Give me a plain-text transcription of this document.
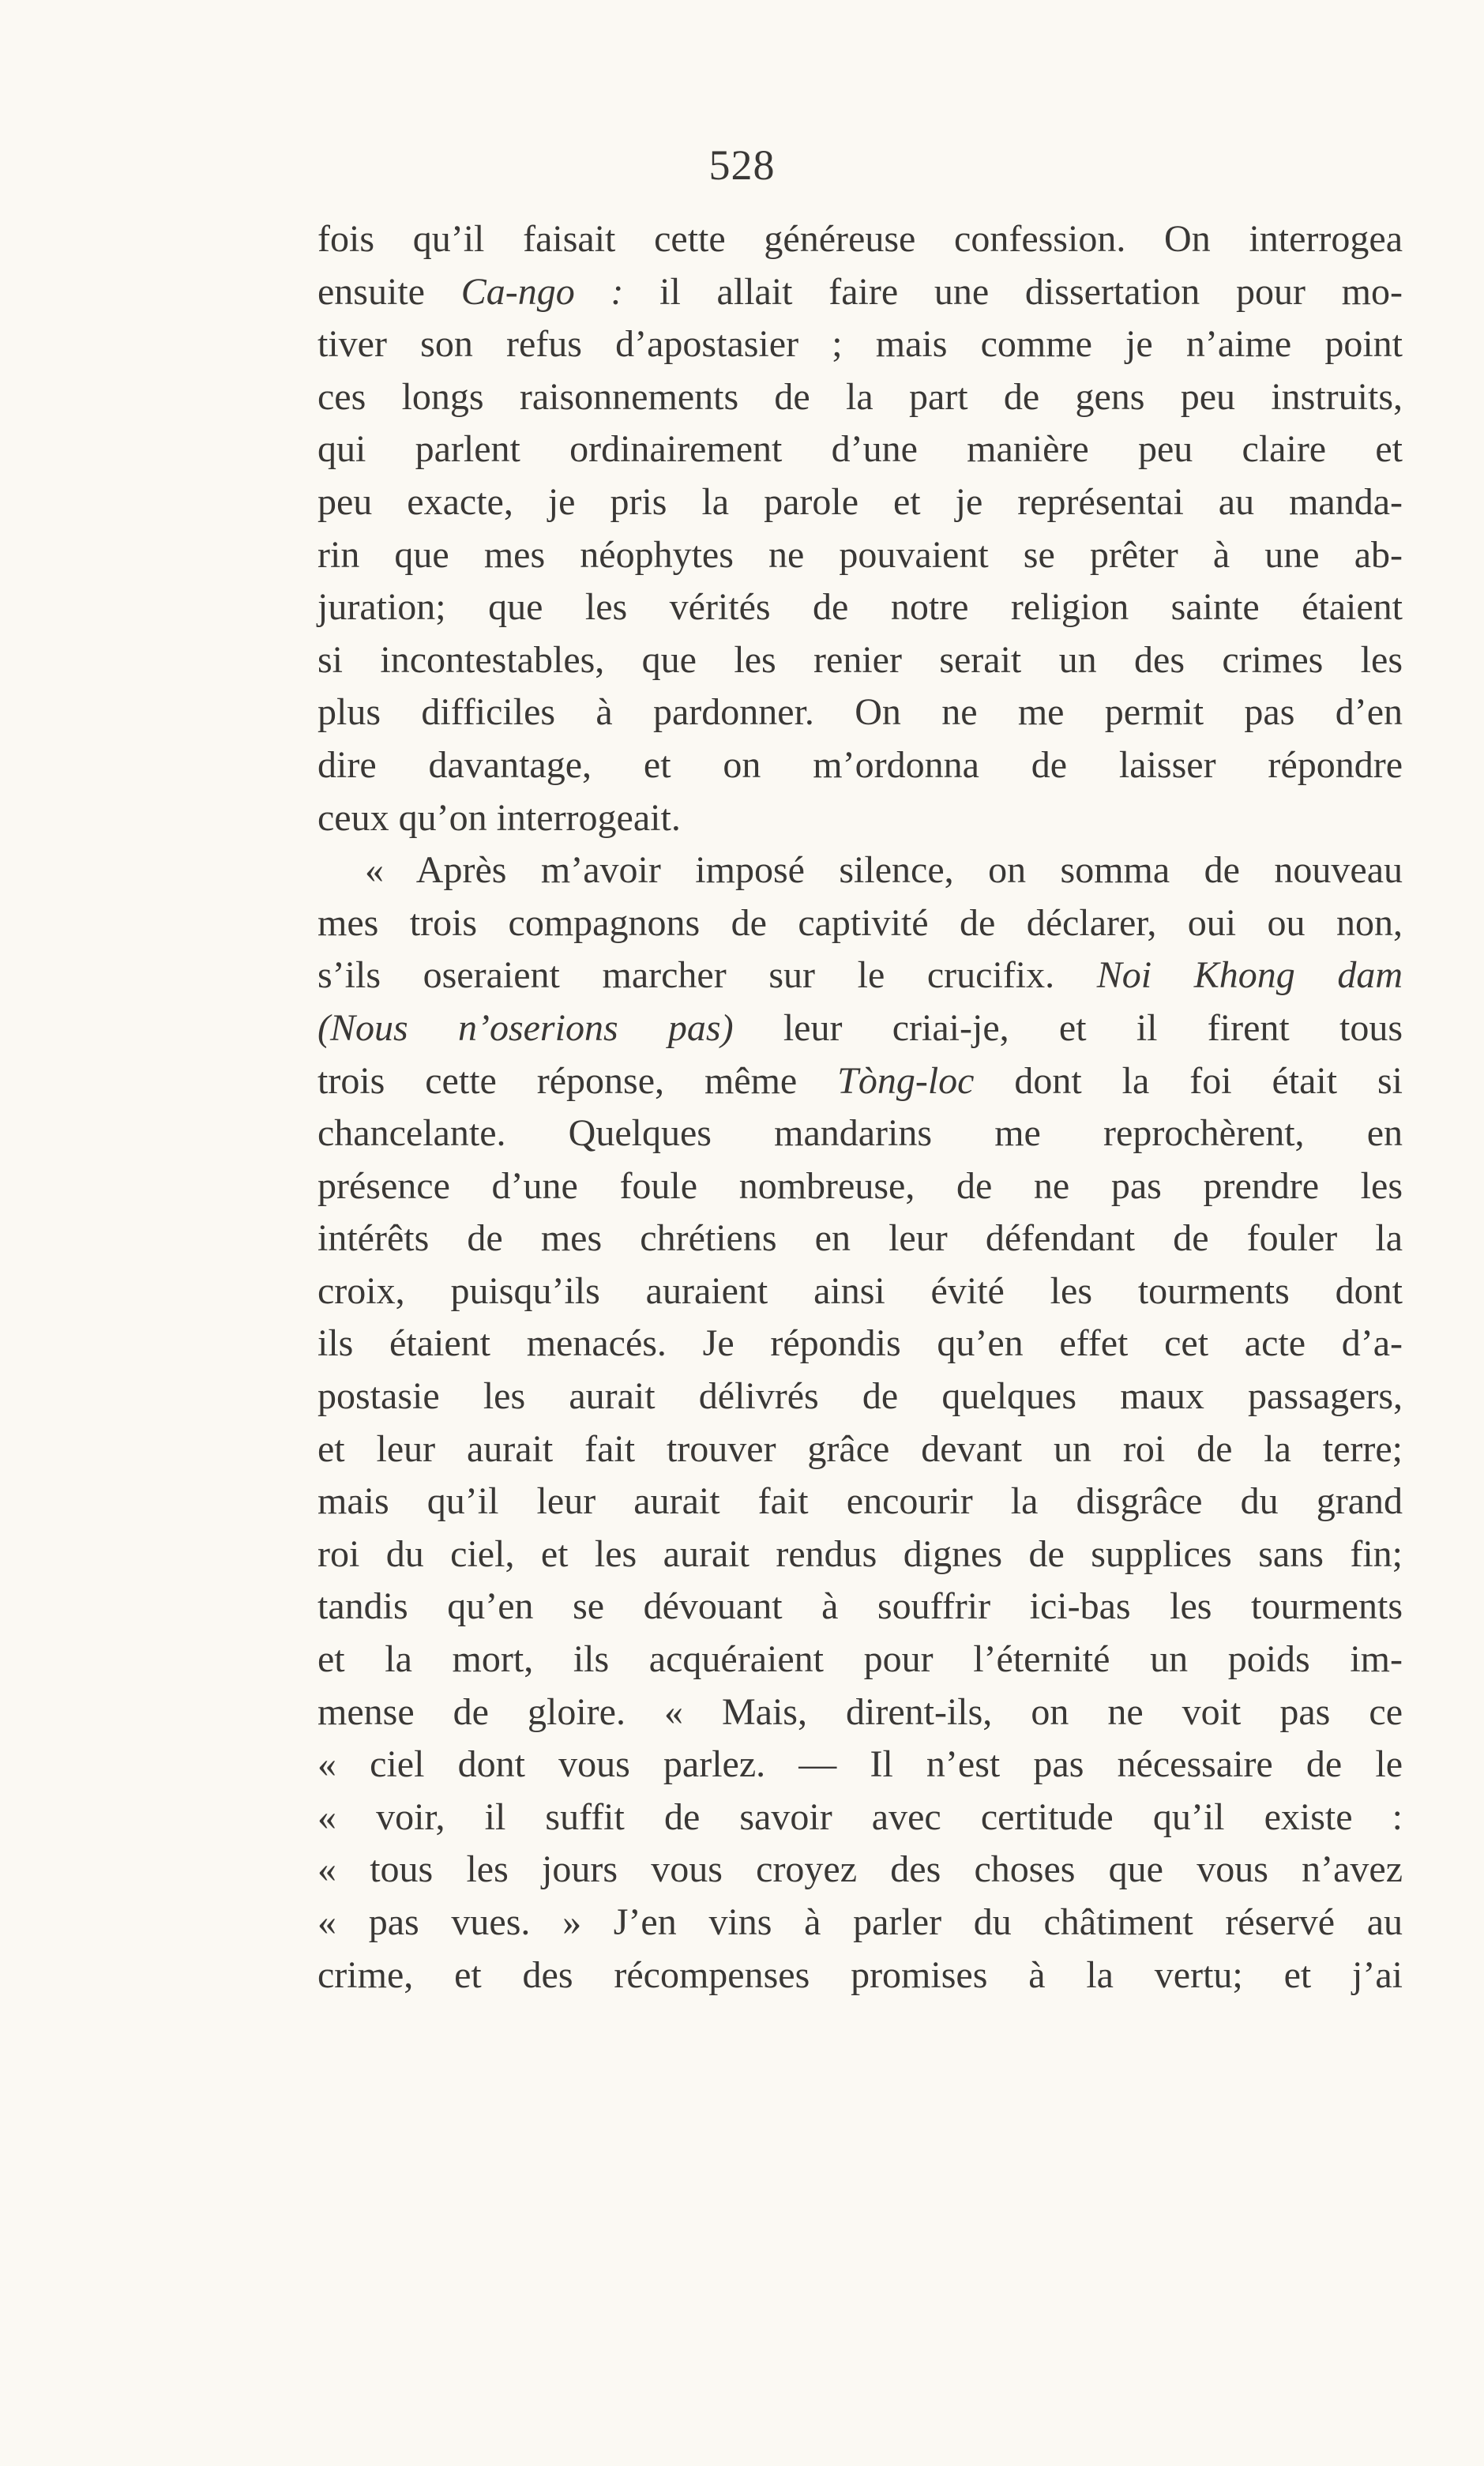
528
fois qu’il faisait cette généreuse confession. On interrogea
ensuite Ca-ngo : il allait faire une dissertation pour mo-
tiver son refus d’apostasier ; mais comme je n’aime point
ces longs raisonnements de la part de gens peu instruits,
qui parlent ordinairement d’une manière peu claire et
peu exacte, je pris la parole et je représentai au manda-
rin que mes néophytes ne pouvaient se prêter à une ab-
juration; que les vérités de notre religion sainte étaient
si incontestables, que les renier serait un des crimes les
plus difficiles à pardonner. On ne me permit pas d’en
dire davantage, et on m’ordonna de laisser répondre
ceux qu’on interrogeait.
« Après m’avoir imposé silence, on somma de nouveau
mes trois compagnons de captivité de déclarer, oui ou non,
s’ils oseraient marcher sur le crucifix. Noi Khong dam
(Nous n’oserions pas) leur criai-je, et il firent tous
trois cette réponse, même Tòng-loc dont la foi était si
chancelante. Quelques mandarins me reprochèrent, en
présence d’une foule nombreuse, de ne pas prendre les
intérêts de mes chrétiens en leur défendant de fouler la
croix, puisqu’ils auraient ainsi évité les tourments dont
ils étaient menacés. Je répondis qu’en effet cet acte d’a-
postasie les aurait délivrés de quelques maux passagers,
et leur aurait fait trouver grâce devant un roi de la terre;
mais qu’il leur aurait fait encourir la disgrâce du grand
roi du ciel, et les aurait rendus dignes de supplices sans fin;
tandis qu’en se dévouant à souffrir ici-bas les tourments
et la mort, ils acquéraient pour l’éternité un poids im-
mense de gloire. « Mais, dirent-ils, on ne voit pas ce
« ciel dont vous parlez. — Il n’est pas nécessaire de le
« voir, il suffit de savoir avec certitude qu’il existe :
« tous les jours vous croyez des choses que vous n’avez
« pas vues. » J’en vins à parler du châtiment réservé au
crime, et des récompenses promises à la vertu; et j’ai
